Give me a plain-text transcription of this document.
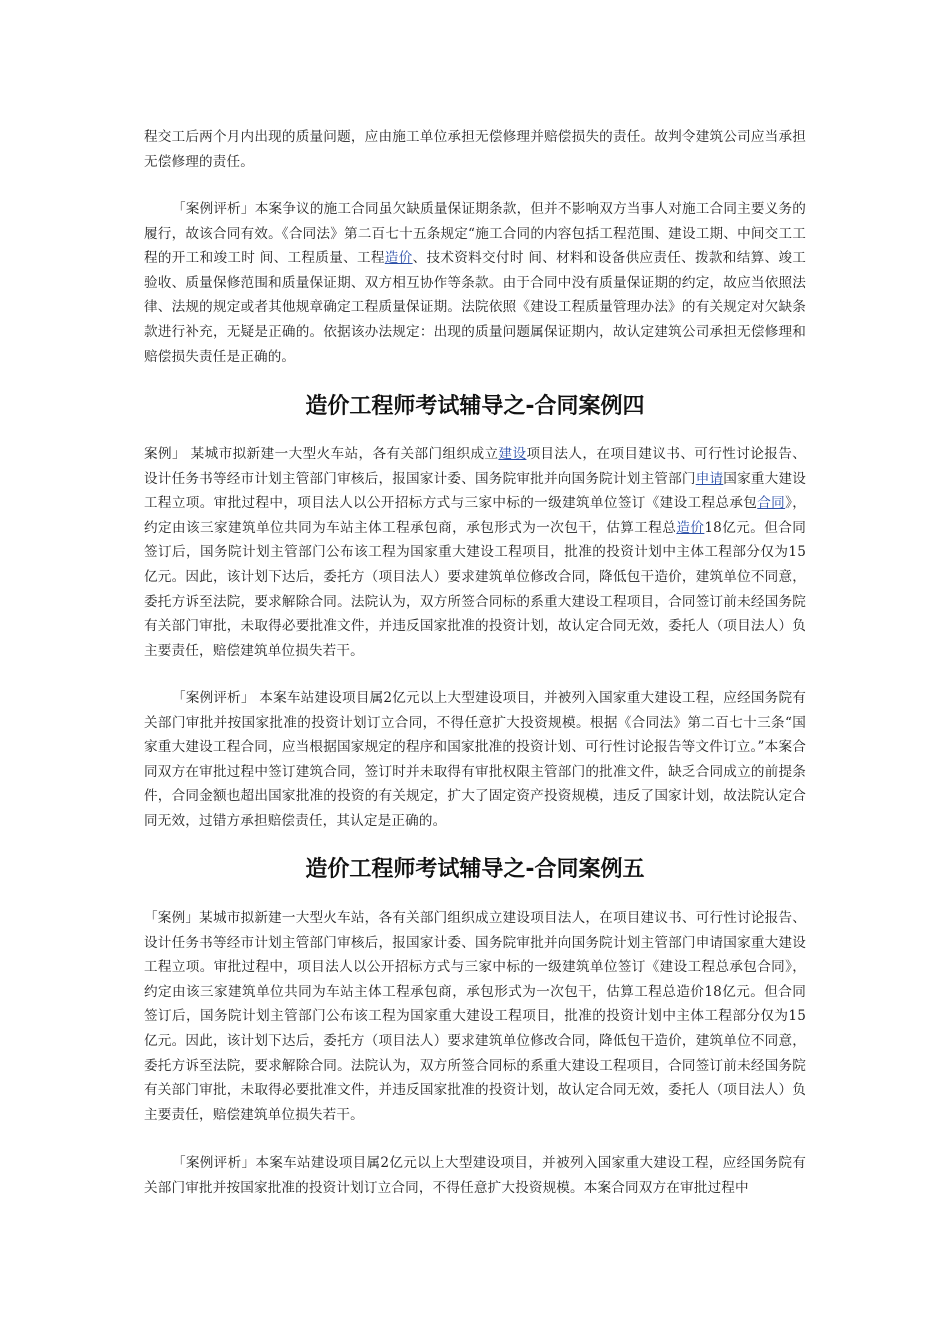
程交工后两个月内出现的质量问题，应由施工单位承担无偿修理并赔偿损失的责任。故判令建筑公司应当承担无偿修理的责任。

「案例评析」本案争议的施工合同虽欠缺质量保证期条款，但并不影响双方当事人对施工合同主要义务的履行，故该合同有效。《合同法》第二百七十五条规定“施工合同的内容包括工程范围、建设工期、中间交工工程的开工和竣工时 间、工程质量、工程造价、技术资料交付时 间、材料和设备供应责任、拨款和结算、竣工验收、质量保修范围和质量保证期、双方相互协作等条款。由于合同中没有质量保证期的约定，故应当依照法律、法规的规定或者其他规章确定工程质量保证期。法院依照《建设工程质量管理办法》的有关规定对欠缺条款进行补充，无疑是正确的。依据该办法规定：出现的质量问题属保证期内，故认定建筑公司承担无偿修理和赔偿损失责任是正确的。

造价工程师考试辅导之-合同案例四

案例」 某城市拟新建一大型火车站，各有关部门组织成立建设项目法人，在项目建议书、可行性讨论报告、设计任务书等经市计划主管部门审核后，报国家计委、国务院审批并向国务院计划主管部门申请国家重大建设工程立项。审批过程中，项目法人以公开招标方式与三家中标的一级建筑单位签订《建设工程总承包合同》，约定由该三家建筑单位共同为车站主体工程承包商，承包形式为一次包干，估算工程总造价18亿元。但合同签订后，国务院计划主管部门公布该工程为国家重大建设工程项目，批准的投资计划中主体工程部分仅为15亿元。因此，该计划下达后，委托方（项目法人）要求建筑单位修改合同，降低包干造价，建筑单位不同意，委托方诉至法院，要求解除合同。法院认为，双方所签合同标的系重大建设工程项目，合同签订前未经国务院有关部门审批，未取得必要批准文件，并违反国家批准的投资计划，故认定合同无效，委托人（项目法人）负主要责任，赔偿建筑单位损失若干。

「案例评析」 本案车站建设项目属2亿元以上大型建设项目，并被列入国家重大建设工程，应经国务院有关部门审批并按国家批准的投资计划订立合同，不得任意扩大投资规模。根据《合同法》第二百七十三条“国家重大建设工程合同，应当根据国家规定的程序和国家批准的投资计划、可行性讨论报告等文件订立。”本案合同双方在审批过程中签订建筑合同，签订时并未取得有审批权限主管部门的批准文件，缺乏合同成立的前提条件，合同金额也超出国家批准的投资的有关规定，扩大了固定资产投资规模，违反了国家计划，故法院认定合同无效，过错方承担赔偿责任，其认定是正确的。

造价工程师考试辅导之-合同案例五

「案例」某城市拟新建一大型火车站，各有关部门组织成立建设项目法人，在项目建议书、可行性讨论报告、设计任务书等经市计划主管部门审核后，报国家计委、国务院审批并向国务院计划主管部门申请国家重大建设工程立项。审批过程中，项目法人以公开招标方式与三家中标的一级建筑单位签订《建设工程总承包合同》，约定由该三家建筑单位共同为车站主体工程承包商，承包形式为一次包干，估算工程总造价18亿元。但合同签订后，国务院计划主管部门公布该工程为国家重大建设工程项目，批准的投资计划中主体工程部分仅为15亿元。因此，该计划下达后，委托方（项目法人）要求建筑单位修改合同，降低包干造价，建筑单位不同意，委托方诉至法院，要求解除合同。法院认为，双方所签合同标的系重大建设工程项目，合同签订前未经国务院有关部门审批，未取得必要批准文件，并违反国家批准的投资计划，故认定合同无效，委托人（项目法人）负主要责任，赔偿建筑单位损失若干。

「案例评析」本案车站建设项目属2亿元以上大型建设项目，并被列入国家重大建设工程，应经国务院有关部门审批并按国家批准的投资计划订立合同，不得任意扩大投资规模。本案合同双方在审批过程中
